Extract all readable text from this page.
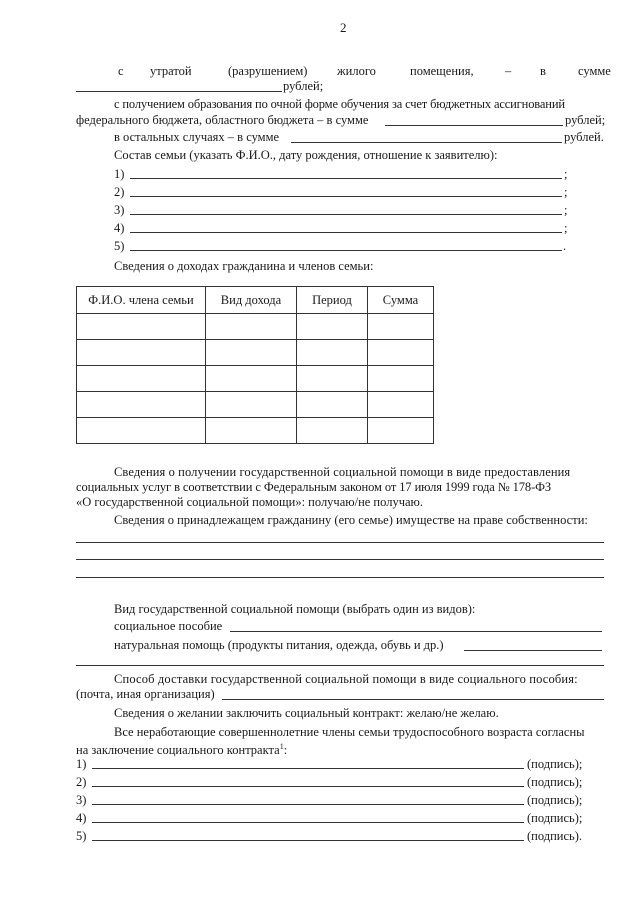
2
с утратой	(разрушением) жилого	помещения,	– в	сумме
рублей;
с получением образования по очной форме обучения за счет бюджетных ассигнований
федерального бюджета, областного бюджета – в сумме	рублей;
в остальных случаях – в сумме	рублей.
Состав семьи (указать Ф.И.О., дату рождения, отношение к заявителю):
1)	;
2)	;
3)	;
4)	;
5)	.
Сведения о доходах гражданина и членов семьи:
Ф.И.О. члена семьи	Вид дохода	Период	Сумма

Сведения о получении государственной социальной помощи в виде предоставления
социальных услуг в соответствии с Федеральным законом от 17 июля 1999 года № 178-ФЗ
«О государственной социальной помощи»: получаю/не получаю.
Сведения о принадлежащем гражданину (его семье) имуществе на праве собственности:
Вид государственной социальной помощи (выбрать один из видов):
социальное пособие
натуральная помощь (продукты питания, одежда, обувь и др.)
Способ доставки государственной социальной помощи в виде социального пособия:
(почта, иная организация)
Сведения о желании заключить социальный контракт: желаю/не желаю.
Все неработающие совершеннолетние члены семьи трудоспособного возраста согласны
на заключение социального контракта$^1$:
1)	(подпись);
2)	(подпись);
3)	(подпись);
4)	(подпись);
5)	(подпись).
